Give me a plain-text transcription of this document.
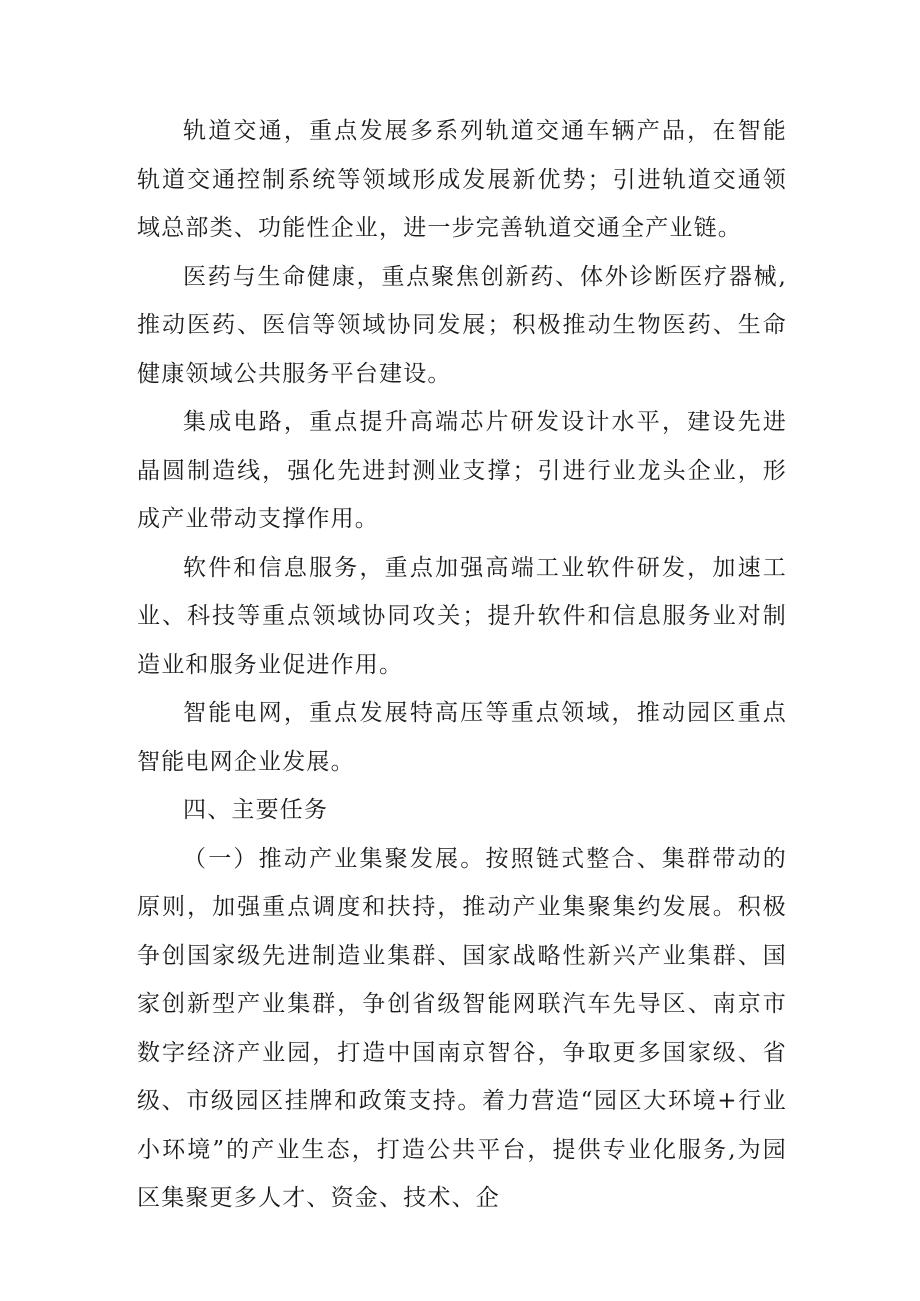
轨道交通，重点发展多系列轨道交通车辆产品，在智能轨道交通控制系统等领域形成发展新优势；引进轨道交通领域总部类、功能性企业，进一步完善轨道交通全产业链。

医药与生命健康，重点聚焦创新药、体外诊断医疗器械,推动医药、医信等领域协同发展；积极推动生物医药、生命健康领域公共服务平台建设。

集成电路，重点提升高端芯片研发设计水平，建设先进晶圆制造线，强化先进封测业支撑；引进行业龙头企业，形成产业带动支撑作用。

软件和信息服务，重点加强高端工业软件研发，加速工业、科技等重点领域协同攻关；提升软件和信息服务业对制造业和服务业促进作用。

智能电网，重点发展特高压等重点领域，推动园区重点智能电网企业发展。

四、主要任务

（一）推动产业集聚发展。按照链式整合、集群带动的原则，加强重点调度和扶持，推动产业集聚集约发展。积极争创国家级先进制造业集群、国家战略性新兴产业集群、国家创新型产业集群，争创省级智能网联汽车先导区、南京市数字经济产业园，打造中国南京智谷，争取更多国家级、省级、市级园区挂牌和政策支持。着力营造“园区大环境+行业小环境”的产业生态，打造公共平台，提供专业化服务,为园区集聚更多人才、资金、技术、企
